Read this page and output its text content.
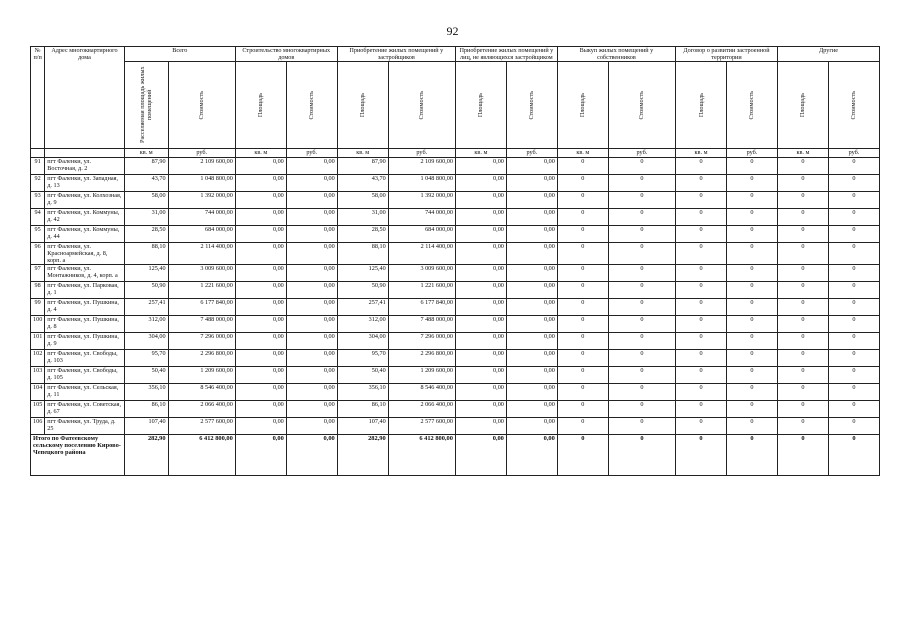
92
№ п/п	Адрес многоквартирного дома	Всего		Строительство многоквартирных домов		Приобретение жилых помещений у застройщиков		Приобретение жилых помещений у лиц, не являющихся застройщиком		Выкуп жилых помещений у собственников		Договор о развитии застроенной территории		Другие	

		Расселяемая площадь жилых помещений	Стоимость	Площадь	Стоимость	Площадь	Стоимость	Площадь	Стоимость	Площадь	Стоимость	Площадь	Стоимость	Площадь	Стоимость

		кв. м	руб.	кв. м	руб.	кв. м	руб.	кв. м	руб.	кв. м	руб.	кв. м	руб.	кв. м	руб.
91	пгт Фаленки, ул. Восточная, д. 2	87,90	2 109 600,00	0,00	0,00	87,90	2 109 600,00	0,00	0,00	0	0	0	0	0	0
92	пгт Фаленки, ул. Западная, д. 13	43,70	1 048 800,00	0,00	0,00	43,70	1 048 800,00	0,00	0,00	0	0	0	0	0	0
93	пгт Фаленки, ул. Колхозная, д. 9	58,00	1 392 000,00	0,00	0,00	58,00	1 392 000,00	0,00	0,00	0	0	0	0	0	0
94	пгт Фаленки, ул. Коммуны, д. 42	31,00	744 000,00	0,00	0,00	31,00	744 000,00	0,00	0,00	0	0	0	0	0	0
95	пгт Фаленки, ул. Коммуны, д. 44	28,50	684 000,00	0,00	0,00	28,50	684 000,00	0,00	0,00	0	0	0	0	0	0
96	пгт Фаленки, ул. Красноармейская, д. 8, корп. а	88,10	2 114 400,00	0,00	0,00	88,10	2 114 400,00	0,00	0,00	0	0	0	0	0	0
97	пгт Фаленки, ул. Монтажников, д. 4, корп. а	125,40	3 009 600,00	0,00	0,00	125,40	3 009 600,00	0,00	0,00	0	0	0	0	0	0
98	пгт Фаленки, ул. Парковая, д. 1	50,90	1 221 600,00	0,00	0,00	50,90	1 221 600,00	0,00	0,00	0	0	0	0	0	0
99	пгт Фаленки, ул. Пушкина, д. 4	257,41	6 177 840,00	0,00	0,00	257,41	6 177 840,00	0,00	0,00	0	0	0	0	0	0
100	пгт Фаленки, ул. Пушкина, д. 8	312,00	7 488 000,00	0,00	0,00	312,00	7 488 000,00	0,00	0,00	0	0	0	0	0	0
101	пгт Фаленки, ул. Пушкина, д. 9	304,00	7 296 000,00	0,00	0,00	304,00	7 296 000,00	0,00	0,00	0	0	0	0	0	0
102	пгт Фаленки, ул. Свободы, д. 103	95,70	2 296 800,00	0,00	0,00	95,70	2 296 800,00	0,00	0,00	0	0	0	0	0	0
103	пгт Фаленки, ул. Свободы, д. 105	50,40	1 209 600,00	0,00	0,00	50,40	1 209 600,00	0,00	0,00	0	0	0	0	0	0
104	пгт Фаленки, ул. Сельская, д. 11	356,10	8 546 400,00	0,00	0,00	356,10	8 546 400,00	0,00	0,00	0	0	0	0	0	0
105	пгт Фаленки, ул. Советская, д. 67	86,10	2 066 400,00	0,00	0,00	86,10	2 066 400,00	0,00	0,00	0	0	0	0	0	0
106	пгт Фаленки, ул. Труда, д. 25	107,40	2 577 600,00	0,00	0,00	107,40	2 577 600,00	0,00	0,00	0	0	0	0	0	0
Итого по Фатеевскому сельскому поселению Кирово-Чепецкого района		282,90	6 412 800,00	0,00	0,00	282,90	6 412 800,00	0,00	0,00	0	0	0	0	0	0
